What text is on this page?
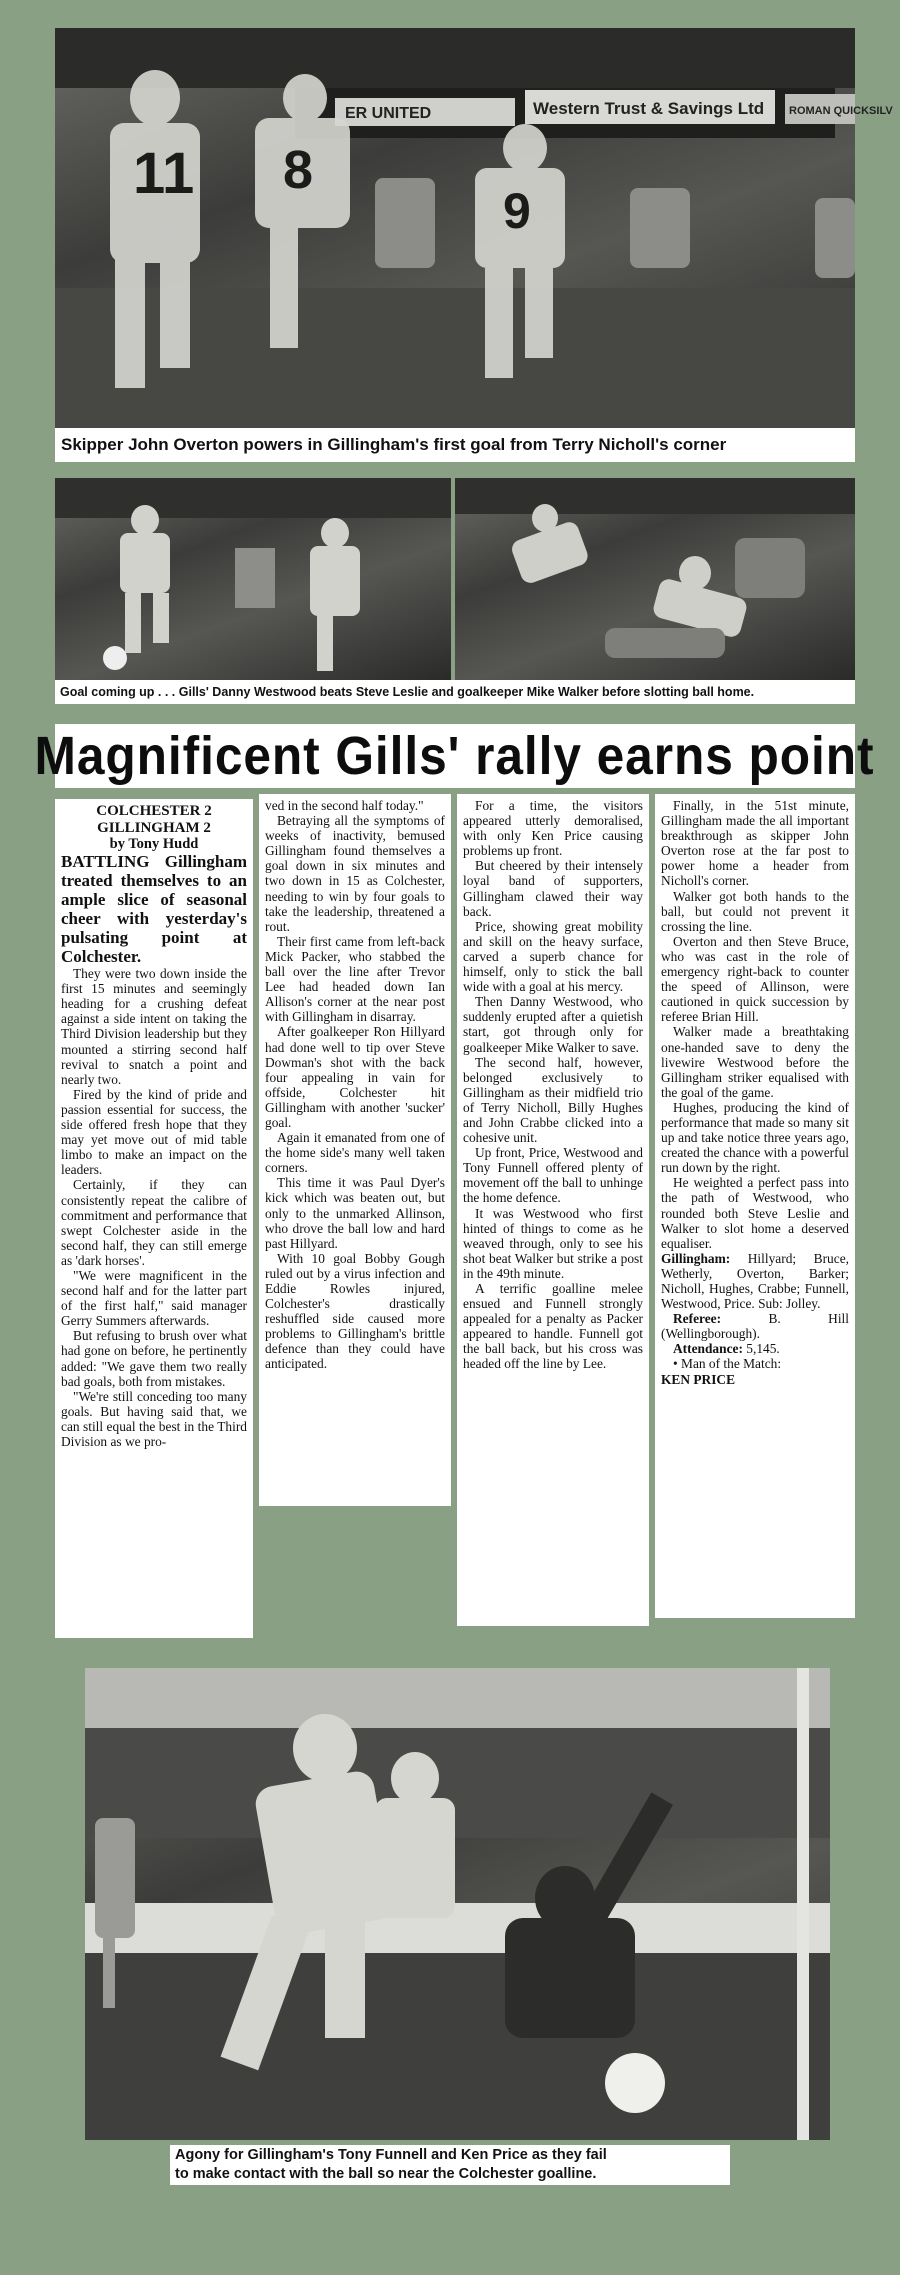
ER UNITED	Western Trust & Savings Ltd ROMAN QUICKSILV
11 8
9
Skipper John Overton powers in Gillingham's first goal from Terry Nicholl's corner
Goal coming up . . . Gills' Danny Westwood beats Steve Leslie and goalkeeper Mike Walker before slotting ball home.
Magnificent Gills' rally earns point

COLCHESTER 2

GILLINGHAM 2

by Tony Hudd

BATTLING Gillingham treated themselves to an ample slice of seasonal cheer with yesterday's pulsating point at Colchester.

They were two down inside the first 15 minutes and seemingly heading for a crushing defeat against a side intent on taking the Third Division leadership but they mounted a stirring second half revival to snatch a point and nearly two.

Fired by the kind of pride and passion essential for success, the side offered fresh hope that they may yet move out of mid table limbo to make an impact on the leaders.

Certainly, if they can consistently repeat the calibre of commitment and performance that swept Colchester aside in the second half, they can still emerge as 'dark horses'.

"We were magnificent in the second half and for the latter part of the first half," said manager Gerry Summers afterwards.

But refusing to brush over what had gone on before, he pertinently added: "We gave them two really bad goals, both from mistakes.

"We're still conceding too many goals. But having said that, we can still equal the best in the Third Division as we pro-

ved in the second half today."

Betraying all the symptoms of weeks of inactivity, bemused Gillingham found themselves a goal down in six minutes and two down in 15 as Colchester, needing to win by four goals to take the leadership, threatened a rout.

Their first came from left-back Mick Packer, who stabbed the ball over the line after Trevor Lee had headed down Ian Allison's corner at the near post with Gillingham in disarray.

After goalkeeper Ron Hillyard had done well to tip over Steve Dowman's shot with the back four appealing in vain for offside, Colchester hit Gillingham with another 'sucker' goal.

Again it emanated from one of the home side's many well taken corners.

This time it was Paul Dyer's kick which was beaten out, but only to the unmarked Allinson, who drove the ball low and hard past Hillyard.

With 10 goal Bobby Gough ruled out by a virus infection and Eddie Rowles injured, Colchester's drastically reshuffled side caused more problems to Gillingham's brittle defence than they could have anticipated.

For a time, the visitors appeared utterly demoralised, with only Ken Price causing problems up front.

But cheered by their intensely loyal band of supporters, Gillingham clawed their way back.

Price, showing great mobility and skill on the heavy surface, carved a superb chance for himself, only to stick the ball wide with a goal at his mercy.

Then Danny Westwood, who suddenly erupted after a quietish start, got through only for goalkeeper Mike Walker to save.

The second half, however, belonged exclusively to Gillingham as their midfield trio of Terry Nicholl, Billy Hughes and John Crabbe clicked into a cohesive unit.

Up front, Price, Westwood and Tony Funnell offered plenty of movement off the ball to unhinge the home defence.

It was Westwood who first hinted of things to come as he weaved through, only to see his shot beat Walker but strike a post in the 49th minute.

A terrific goalline melee ensued and Funnell strongly appealed for a penalty as Packer appeared to handle. Funnell got the ball back, but his cross was headed off the line by Lee.

Finally, in the 51st minute, Gillingham made the all important breakthrough as skipper John Overton rose at the far post to power home a header from Nicholl's corner.

Walker got both hands to the ball, but could not prevent it crossing the line.

Overton and then Steve Bruce, who was cast in the role of emergency right-back to counter the speed of Allinson, were cautioned in quick succession by referee Brian Hill.

Walker made a breathtaking one-handed save to deny the livewire Westwood before the Gillingham striker equalised with the goal of the game.

Hughes, producing the kind of performance that made so many sit up and take notice three years ago, created the chance with a powerful run down by the right.

He weighted a perfect pass into the path of Westwood, who rounded both Steve Leslie and Walker to slot home a deserved equaliser.

Gillingham: Hillyard; Bruce, Wetherly, Overton, Barker; Nicholl, Hughes, Crabbe; Funnell, Westwood, Price. Sub: Jolley.

Referee:	B. Hill (Wellingborough).

Attendance: 5,145.

• Man of the Match:
KEN PRICE

Agony for Gillingham's Tony Funnell and Ken Price as they fail
to make contact with the ball so near the Colchester goalline.
